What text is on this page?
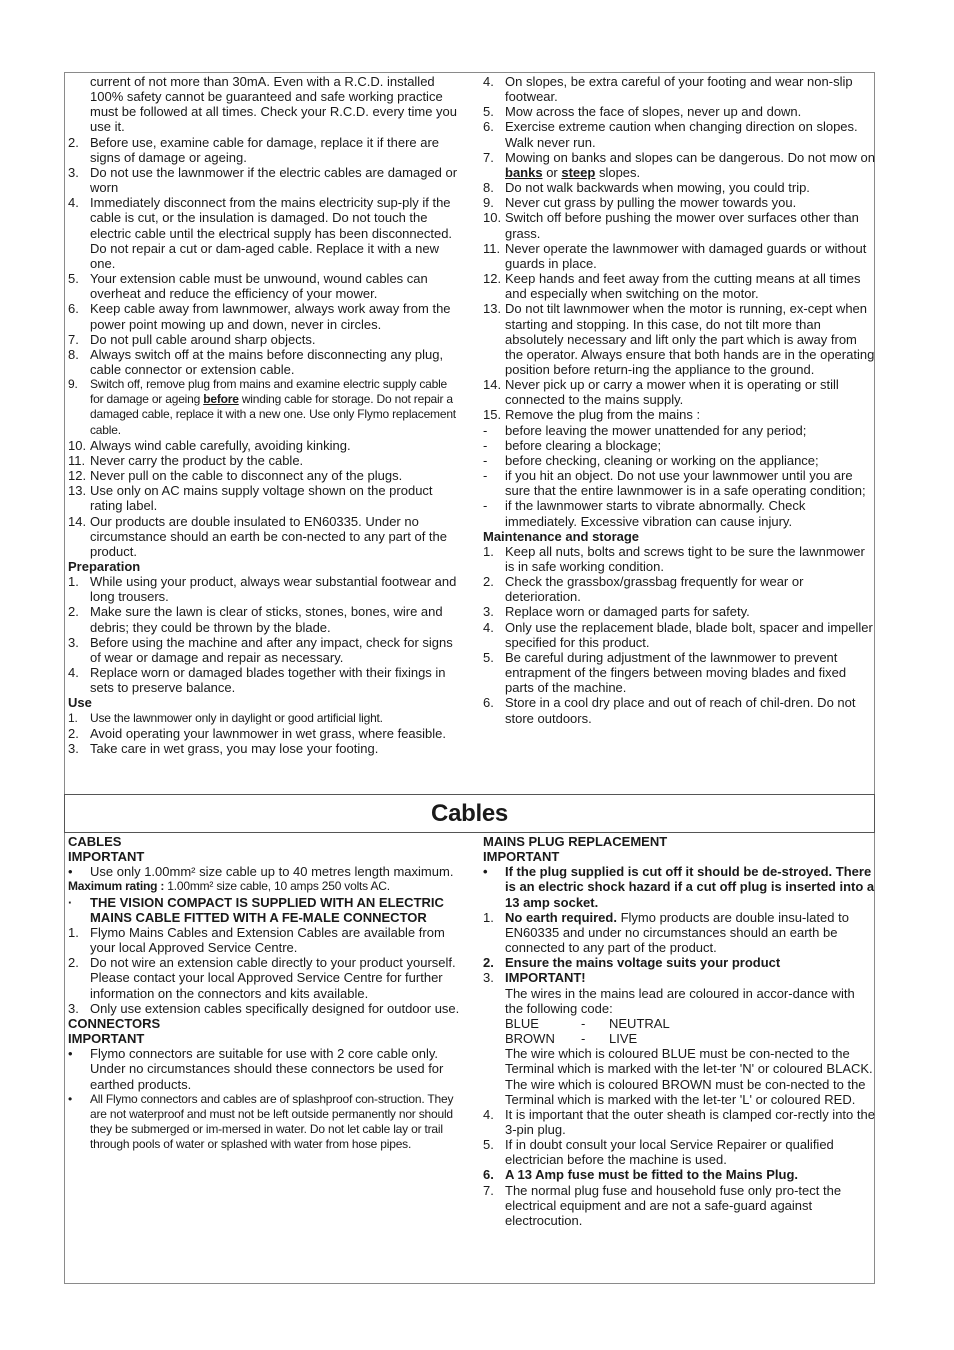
Cables
current of not more than 30mA. Even with a R.C.D. installed 100% safety cannot be guaranteed and safe working practice must be followed at all times. Check your R.C.D. every time you use it.
2. Before use, examine cable for damage, replace it if there are signs of damage or ageing.
3. Do not use the lawnmower if the electric cables are damaged or worn
4. Immediately disconnect from the mains electricity sup-ply if the cable is cut, or the insulation is damaged. Do not touch the electric cable until the electrical supply has been disconnected. Do not repair a cut or dam-aged cable. Replace it with a new one.
5. Your extension cable must be unwound, wound cables can overheat and reduce the efficiency of your mower.
6. Keep cable away from lawnmower, always work away from the power point mowing up and down, never in circles.
7. Do not pull cable around sharp objects.
8. Always switch off at the mains before disconnecting any plug, cable connector or extension cable.
9.	Switch off, remove plug from mains and examine electric supply cable for damage or ageing before winding cable for storage. Do not repair a damaged cable, replace it with a new one. Use only Flymo replacement cable.
10. Always wind cable carefully, avoiding kinking.
11. Never carry the product by the cable.
12. Never pull on the cable to disconnect any of the plugs.
13. Use only on AC mains supply voltage shown on the product rating label.
14. Our products are double insulated to EN60335. Under no circumstance should an earth be con-nected to any part of the product.
Preparation
1. While using your product, always wear substantial footwear and long trousers.
2. Make sure the lawn is clear of sticks, stones, bones, wire and debris; they could be thrown by the blade.
3. Before using the machine and after any impact, check for signs of wear or damage and repair as necessary.
4. Replace worn or damaged blades together with their fixings in sets to preserve balance.
Use
1.	Use the lawnmower only in daylight or good artificial light.
2. Avoid operating your lawnmower in wet grass, where feasible.
3. Take care in wet grass, you may lose your footing.
4. On slopes, be extra careful of your footing and wear non-slip footwear.
5. Mow across the face of slopes, never up and down.
6. Exercise extreme caution when changing direction on slopes. Walk never run.
7. Mowing on banks and slopes can be dangerous. Do not mow on banks or steep slopes.
8. Do not walk backwards when mowing, you could trip.
9. Never cut grass by pulling the mower towards you.
10. Switch off before pushing the mower over surfaces other than grass.
11. Never operate the lawnmower with damaged guards or without guards in place.
12. Keep hands and feet away from the cutting means at all times and especially when switching on the motor.
13. Do not tilt lawnmower when the motor is running, ex-cept when starting and stopping. In this case, do not tilt more than absolutely necessary and lift only the part which is away from the operator. Always ensure that both hands are in the operating position before return-ing the appliance to the ground.
14. Never pick up or carry a mower when it is operating or still connected to the mains supply.
15. Remove the plug from the mains :
-	before leaving the mower unattended for any period;
-	before clearing a blockage;
-	before checking, cleaning or working on the appliance;
-	if you hit an object. Do not use your lawnmower until you are sure that the entire lawnmower is in a safe operating condition;
-	if the lawnmower starts to vibrate abnormally. Check immediately. Excessive vibration can cause injury.
Maintenance and storage
1. Keep all nuts, bolts and screws tight to be sure the lawnmower is in safe working condition.
2. Check the grassbox/grassbag frequently for wear or deterioration.
3. Replace worn or damaged parts for safety.
4. Only use the replacement blade, blade bolt, spacer and impeller specified for this product.
5. Be careful during adjustment of the lawnmower to prevent entrapment of the fingers between moving blades and fixed parts of the machine.
6. Store in a cool dry place and out of reach of chil-dren. Do not store outdoors.
CABLES
IMPORTANT
•	Use only 1.00mm² size cable up to 40 metres length maximum.
Maximum rating : 1.00mm² size cable, 10 amps 250 volts AC.
·	THE VISION COMPACT IS SUPPLIED WITH AN ELECTRIC MAINS CABLE FITTED WITH A FE-MALE CONNECTOR
1. Flymo Mains Cables and Extension Cables are available from your local Approved Service Centre.
2. Do not wire an extension cable directly to your product yourself. Please contact your local Approved Service Centre for further information on the connectors and kits available.
3. Only use extension cables specifically designed for outdoor use.
CONNECTORS
IMPORTANT
•	Flymo connectors are suitable for use with 2 core cable only. Under no circumstances should these connectors be used for earthed products.
•	All Flymo connectors and cables are of splashproof con-struction. They are not waterproof and must not be left outside permanently nor should they be submerged or im-mersed in water. Do not let cable lay or trail through pools of water or splashed with water from hose pipes.
MAINS PLUG REPLACEMENT
IMPORTANT
•	If the plug supplied is cut off it should be de-stroyed. There is an electric shock hazard if a cut off plug is inserted into a 13 amp socket.
1. No earth required. Flymo products are double insu-lated to EN60335 and under no circumstances should an earth be connected to any part of the product.
2. Ensure the mains voltage suits your product
3. IMPORTANT!
The wires in the mains lead are coloured in accor-dance with the following code:
BLUE	-	NEUTRAL
BROWN	-	LIVE
The wire which is coloured BLUE must be con-nected to the Terminal which is marked with the let-ter 'N' or coloured BLACK.
The wire which is coloured BROWN must be con-nected to the Terminal which is marked with the let-ter 'L' or coloured RED.
4. It is important that the outer sheath is clamped cor-rectly into the 3-pin plug.
5. If in doubt consult your local Service Repairer or qualified electrician before the machine is used.
6. A 13 Amp fuse must be fitted to the Mains Plug.
7. The normal plug fuse and household fuse only pro-tect the electrical equipment and are not a safe-guard against electrocution.
